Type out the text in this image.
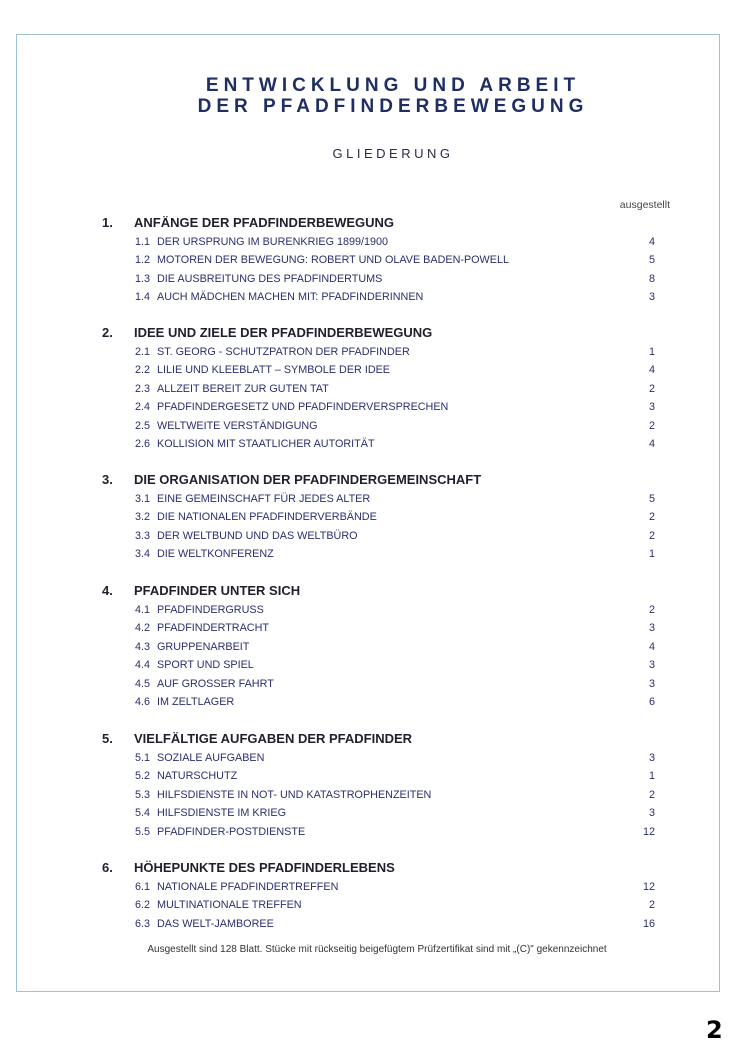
ENTWICKLUNG UND ARBEIT
DER PFADFINDERBEWEGUNG
GLIEDERUNG
ausgestellt
1. ANFÄNGE DER PFADFINDERBEWEGUNG
1.1 DER URSPRUNG IM BURENKRIEG 1899/1900	4
1.2 MOTOREN DER BEWEGUNG: ROBERT UND OLAVE BADEN-POWELL	5
1.3 DIE AUSBREITUNG DES PFADFINDERTUMS	8
1.4 AUCH MÄDCHEN MACHEN MIT: PFADFINDERINNEN	3
2. IDEE UND ZIELE DER PFADFINDERBEWEGUNG
2.1 ST. GEORG - SCHUTZPATRON DER PFADFINDER	1
2.2 LILIE UND KLEEBLATT – SYMBOLE DER IDEE	4
2.3 ALLZEIT BEREIT ZUR GUTEN TAT	2
2.4 PFADFINDERGESETZ UND PFADFINDERVERSPRECHEN	3
2.5 WELTWEITE VERSTÄNDIGUNG	2
2.6 KOLLISION MIT STAATLICHER AUTORITÄT	4
3. DIE ORGANISATION DER PFADFINDERGEMEINSCHAFT
3.1 EINE GEMEINSCHAFT FÜR JEDES ALTER	5
3.2 DIE NATIONALEN PFADFINDERVERBÄNDE	2
3.3 DER WELTBUND UND DAS WELTBÜRO	2
3.4 DIE WELTKONFERENZ	1
4. PFADFINDER UNTER SICH
4.1 PFADFINDERGRUSS	2
4.2 PFADFINDERTRACHT	3
4.3 GRUPPENARBEIT	4
4.4 SPORT UND SPIEL	3
4.5 AUF GROSSER FAHRT	3
4.6 IM ZELTLAGER	6
5. VIELFÄLTIGE AUFGABEN DER PFADFINDER
5.1 SOZIALE AUFGABEN	3
5.2 NATURSCHUTZ	1
5.3 HILFSDIENSTE IN NOT- UND KATASTROPHENZEITEN	2
5.4 HILFSDIENSTE IM KRIEG	3
5.5 PFADFINDER-POSTDIENSTE	12
6. HÖHEPUNKTE DES PFADFINDERLEBENS
6.1 NATIONALE PFADFINDERTREFFEN	12
6.2 MULTINATIONALE TREFFEN	2
6.3 DAS WELT-JAMBOREE	16
Ausgestellt sind 128 Blatt. Stücke mit rückseitig beigefügtem Prüfzertifikat sind mit „(C)" gekennzeichnet
2
